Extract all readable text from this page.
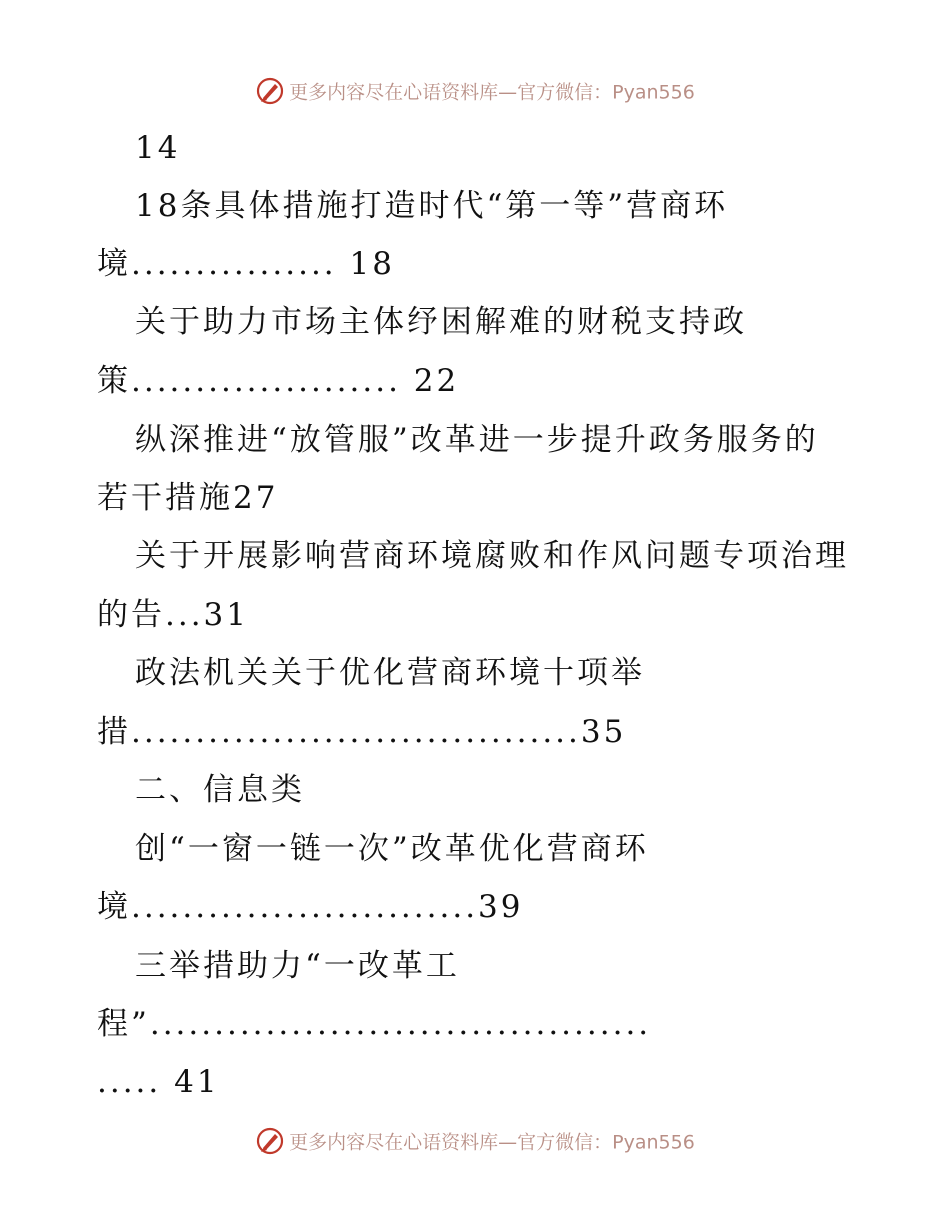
更多内容尽在心语资料库—官方微信：Pyan556
14
18条具体措施打造时代“第一等”营商环
境................ 18
关于助力市场主体纾困解难的财税支持政
策..................... 22
纵深推进“放管服”改革进一步提升政务服务的
若干措施27
关于开展影响营商环境腐败和作风问题专项治理
的告...31
政法机关关于优化营商环境十项举
措...................................35
二、信息类
创“一窗一链一次”改革优化营商环
境...........................39
三举措助力“一改革工
程”.......................................
..... 41
更多内容尽在心语资料库—官方微信：Pyan556
